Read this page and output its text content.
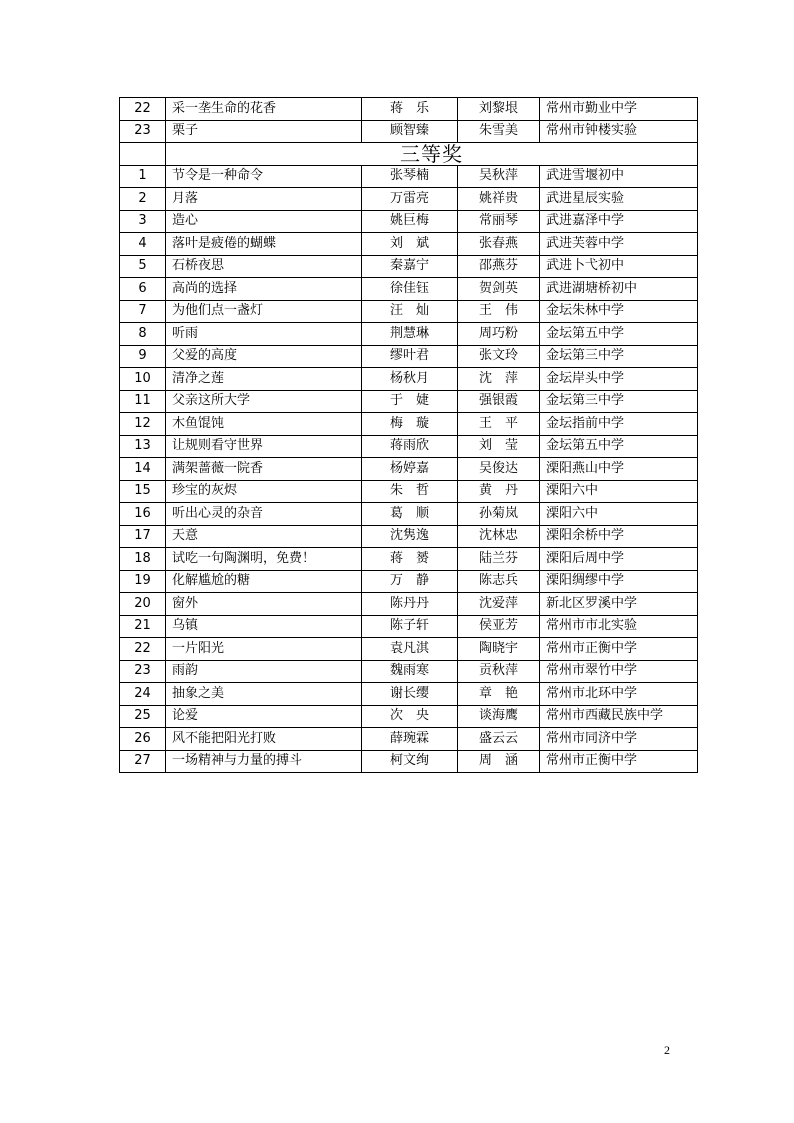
22	采一垄生命的花香	蒋　乐	刘黎垠	常州市勤业中学
23	栗子	顾智臻	朱雪美	常州市钟楼实验
	三等奖			
1	节令是一种命令	张琴楠	吴秋萍	武进雪堰初中
2	月落	万雷亮	姚祥贵	武进星辰实验
3	造心	姚巨梅	常丽琴	武进嘉泽中学
4	落叶是疲倦的蝴蝶	刘　斌	张春燕	武进芙蓉中学
5	石桥夜思	秦嘉宁	邵燕芬	武进卜弋初中
6	高尚的选择	徐佳钰	贺剑英	武进湖塘桥初中
7	为他们点一盏灯	汪　灿	王　伟	金坛朱林中学
8	听雨	荆慧琳	周巧粉	金坛第五中学
9	父爱的高度	缪叶君	张文玲	金坛第三中学
10	清净之莲	杨秋月	沈　萍	金坛岸头中学
11	父亲这所大学	于　婕	强银霞	金坛第三中学
12	木鱼馄饨	梅　璇	王　平	金坛指前中学
13	让规则看守世界	蒋雨欣	刘　莹	金坛第五中学
14	满架蔷薇一院香	杨婷嘉	吴俊达	溧阳燕山中学
15	珍宝的灰烬	朱　哲	黄　丹	溧阳六中
16	听出心灵的杂音	葛　顺	孙菊岚	溧阳六中
17	天意	沈隽逸	沈林忠	溧阳余桥中学
18	试吃一句陶渊明，免费！	蒋　赟	陆兰芬	溧阳后周中学
19	化解尴尬的糖	万　静	陈志兵	溧阳绸缪中学
20	窗外	陈丹丹	沈爱萍	新北区罗溪中学
21	乌镇	陈子轩	侯亚芳	常州市市北实验
22	一片阳光	袁凡淇	陶晓宇	常州市正衡中学
23	雨韵	魏雨寒	贡秋萍	常州市翠竹中学
24	抽象之美	谢长缨	章　艳	常州市北环中学
25	论爱	次　央	谈海鹰	常州市西藏民族中学
26	风不能把阳光打败	薛琬霖	盛云云	常州市同济中学
27	一场精神与力量的搏斗	柯文绚	周　涵	常州市正衡中学
2
